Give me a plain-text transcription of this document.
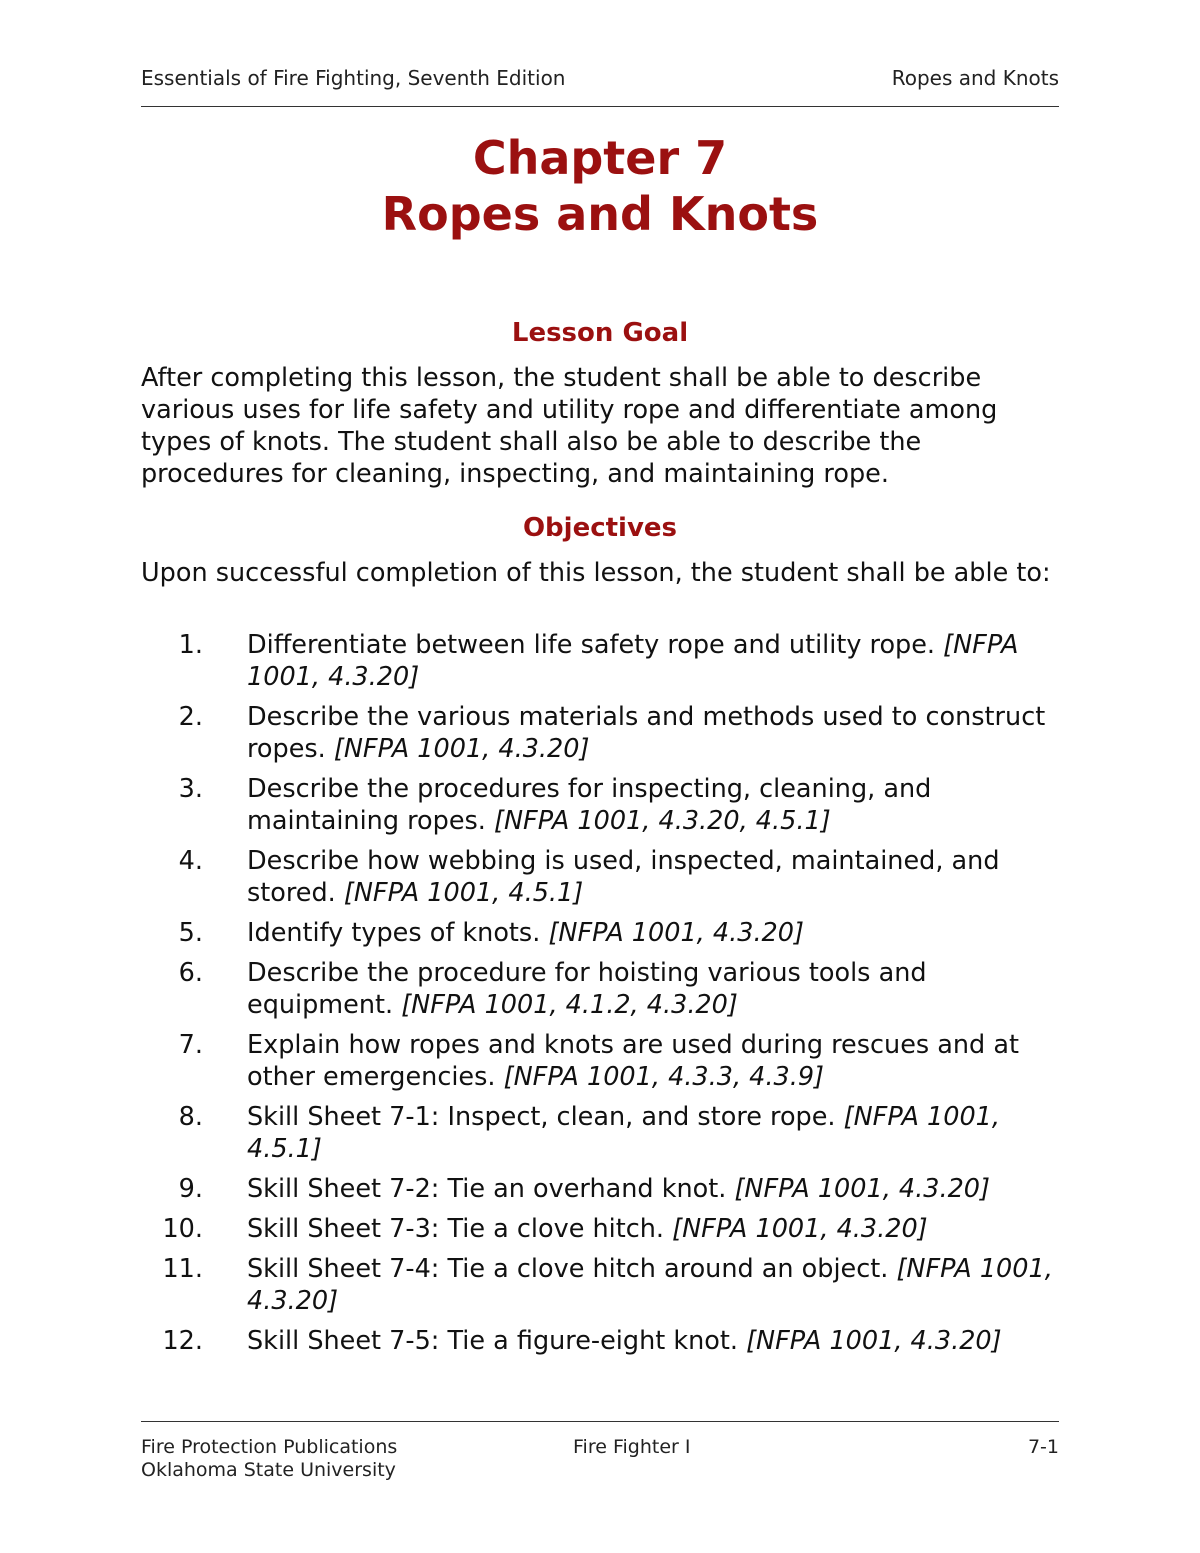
Essentials of Fire Fighting, Seventh Edition	Ropes and Knots
Chapter 7
Ropes and Knots
Lesson Goal
After completing this lesson, the student shall be able to describe various uses for life safety and utility rope and differentiate among types of knots. The student shall also be able to describe the procedures for cleaning, inspecting, and maintaining rope.
Objectives
Upon successful completion of this lesson, the student shall be able to:
1. Differentiate between life safety rope and utility rope. [NFPA 1001, 4.3.20]
2. Describe the various materials and methods used to construct ropes. [NFPA 1001, 4.3.20]
3. Describe the procedures for inspecting, cleaning, and maintaining ropes. [NFPA 1001, 4.3.20, 4.5.1]
4. Describe how webbing is used, inspected, maintained, and stored. [NFPA 1001, 4.5.1]
5. Identify types of knots. [NFPA 1001, 4.3.20]
6. Describe the procedure for hoisting various tools and equipment. [NFPA 1001, 4.1.2, 4.3.20]
7. Explain how ropes and knots are used during rescues and at other emergencies. [NFPA 1001, 4.3.3, 4.3.9]
8. Skill Sheet 7-1: Inspect, clean, and store rope. [NFPA 1001, 4.5.1]
9. Skill Sheet 7-2: Tie an overhand knot. [NFPA 1001, 4.3.20]
10. Skill Sheet 7-3: Tie a clove hitch. [NFPA 1001, 4.3.20]
11. Skill Sheet 7-4: Tie a clove hitch around an object. [NFPA 1001, 4.3.20]
12. Skill Sheet 7-5: Tie a figure-eight knot. [NFPA 1001, 4.3.20]
Fire Protection Publications
Oklahoma State University
Fire Fighter I	7-1
